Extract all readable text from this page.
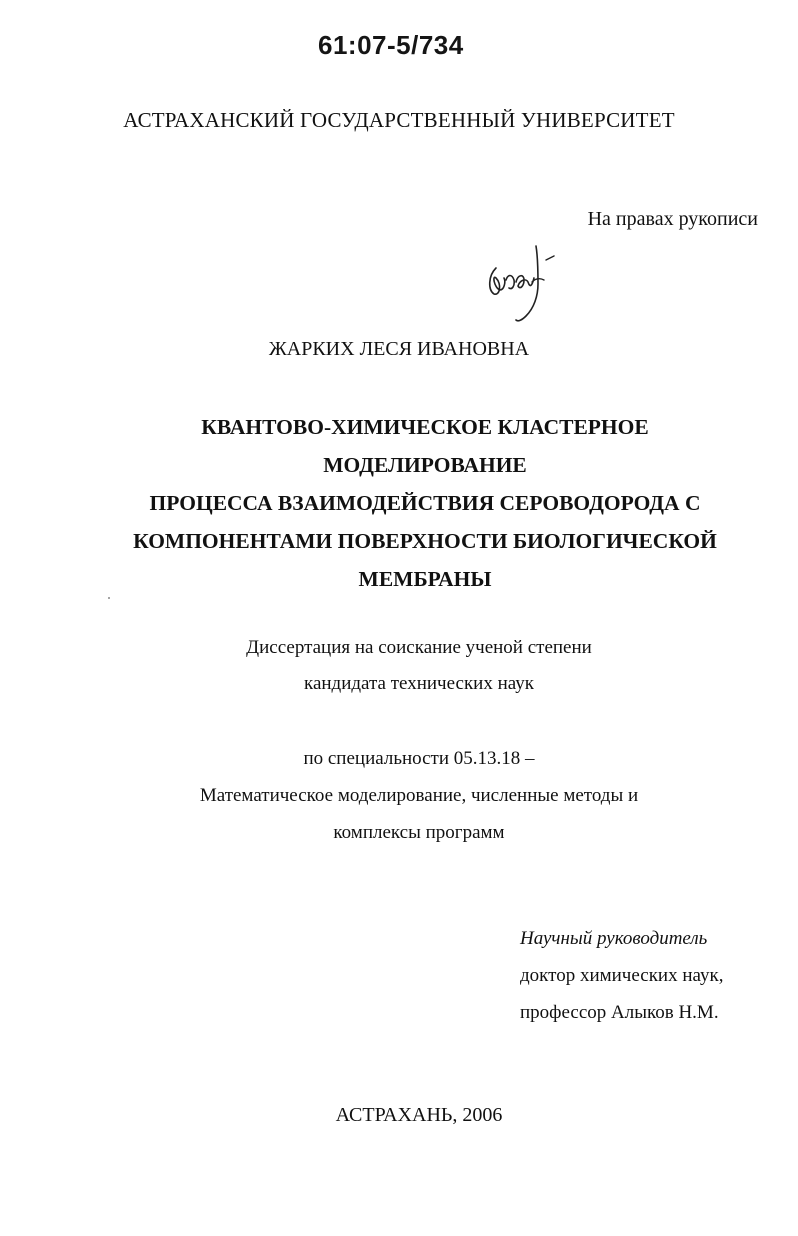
61:07-5/734
АСТРАХАНСКИЙ ГОСУДАРСТВЕННЫЙ УНИВЕРСИТЕТ
На правах рукописи
ЖАРКИХ ЛЕСЯ ИВАНОВНА
КВАНТОВО-ХИМИЧЕСКОЕ КЛАСТЕРНОЕ МОДЕЛИРОВАНИЕ
ПРОЦЕССА ВЗАИМОДЕЙСТВИЯ СЕРОВОДОРОДА С
КОМПОНЕНТАМИ ПОВЕРХНОСТИ БИОЛОГИЧЕСКОЙ
МЕМБРАНЫ
Диссертация на соискание ученой степени
кандидата технических наук
по специальности 05.13.18 –
Математическое моделирование, численные методы и
комплексы программ
Научный руководитель
доктор химических наук,
профессор Алыков Н.М.
АСТРАХАНЬ, 2006
